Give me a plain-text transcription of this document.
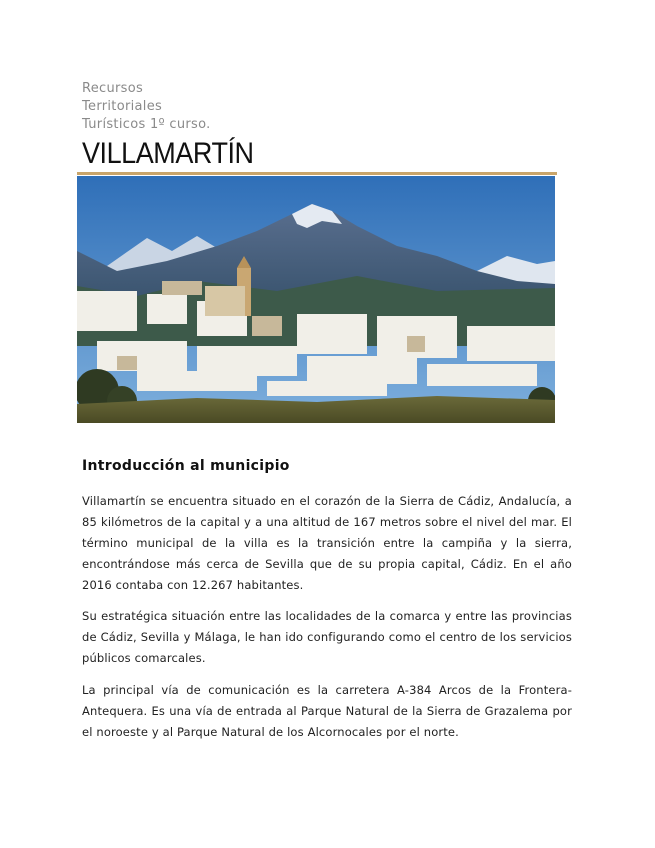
Recursos
Territoriales
Turísticos 1º curso.
VILLAMARTÍN
Introducción al municipio

Villamartín se encuentra situado en el corazón de la Sierra de Cádiz, Andalucía, a 85 kilómetros de la capital y a una altitud de 167 metros sobre el nivel del mar. El término municipal de la villa es la transición entre la campiña y la sierra, encontrándose más cerca de Sevilla que de su propia capital, Cádiz. En el año 2016 contaba con 12.267 habitantes.

Su estratégica situación entre las localidades de la comarca y entre las provincias de Cádiz, Sevilla y Málaga, le han ido configurando como el centro de los servicios públicos comarcales.

La principal vía de comunicación es la carretera A-384 Arcos de la Frontera- Antequera. Es una vía de entrada al Parque Natural de la Sierra de Grazalema por el noroeste y al Parque Natural de los Alcornocales por el norte.
